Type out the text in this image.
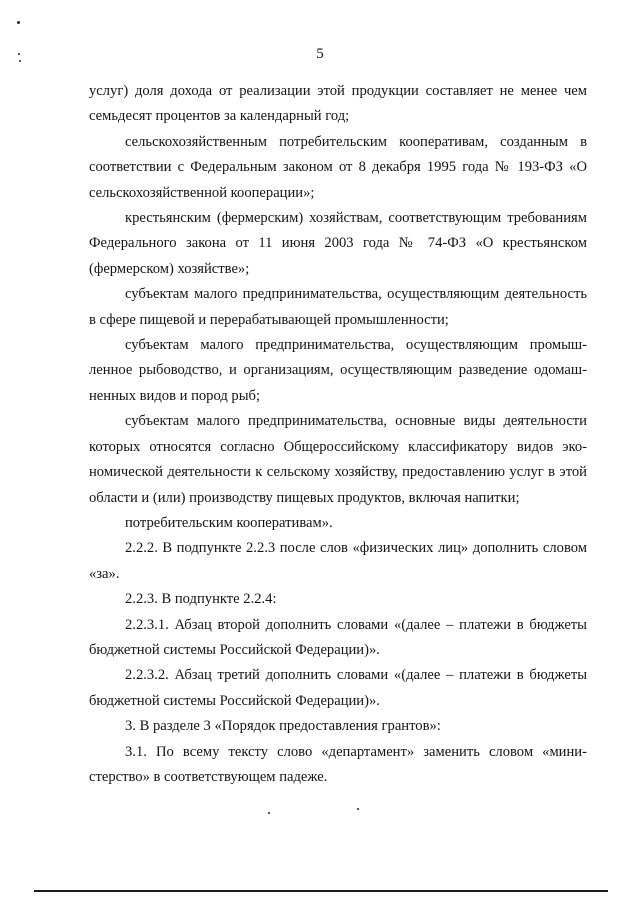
5

услуг) доля дохода от реализации этой продукции составляет не менее чем семьдесят процентов за календарный год;

сельскохозяйственным потребительским кооперативам, созданным в соответствии с Федеральным законом от 8 декабря 1995 года № 193-ФЗ «О сельскохозяйственной кооперации»;

крестьянским (фермерским) хозяйствам, соответствующим требованиям Федерального закона от 11 июня 2003 года № 74-ФЗ «О крестьянском (фермерском) хозяйстве»;

субъектам малого предпринимательства, осуществляющим деятельность в сфере пищевой и перерабатывающей промышленности;

субъектам малого предпринимательства, осуществляющим промышленное рыбоводство, и организациям, осуществляющим разведение одомашненных видов и пород рыб;

субъектам малого предпринимательства, основные виды деятельности которых относятся согласно Общероссийскому классификатору видов экономической деятельности к сельскому хозяйству, предоставлению услуг в этой области и (или) производству пищевых продуктов, включая напитки;

потребительским кооперативам».

2.2.2. В подпункте 2.2.3 после слов «физических лиц» дополнить словом «за».

2.2.3. В подпункте 2.2.4:

2.2.3.1. Абзац второй дополнить словами «(далее – платежи в бюджеты бюджетной системы Российской Федерации)».

2.2.3.2. Абзац третий дополнить словами «(далее – платежи в бюджеты бюджетной системы Российской Федерации)».

3. В разделе 3 «Порядок предоставления грантов»:

3.1. По всему тексту слово «департамент» заменить словом «министерство» в соответствующем падеже.
